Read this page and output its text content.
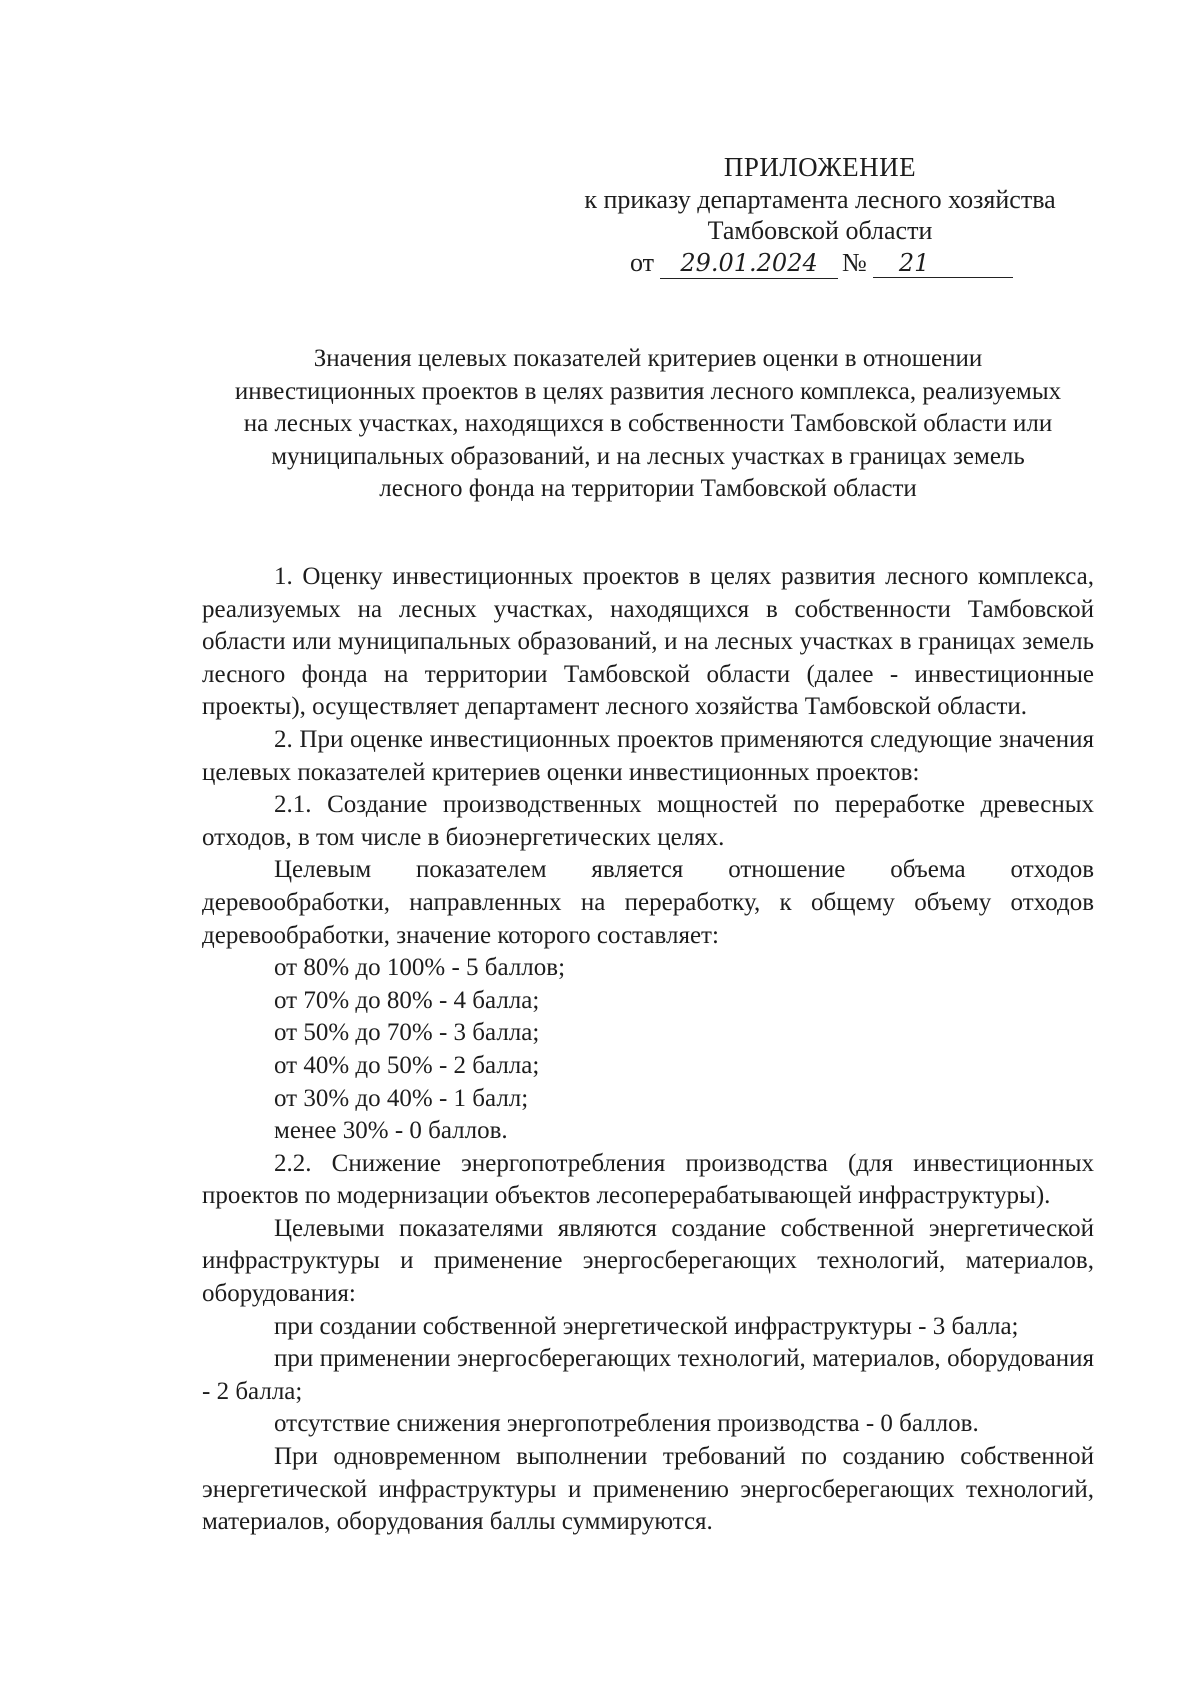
ПРИЛОЖЕНИЕ
к приказу департамента лесного хозяйства
Тамбовской области
от 29.01.2024 № 21
Значения целевых показателей критериев оценки в отношении
инвестиционных проектов в целях развития лесного комплекса, реализуемых
на лесных участках, находящихся в собственности Тамбовской области или
муниципальных образований, и на лесных участках в границах земель
лесного фонда на территории Тамбовской области

1. Оценку инвестиционных проектов в целях развития лесного комплекса, реализуемых на лесных участках, находящихся в собственности Тамбовской области или муниципальных образований, и на лесных участках в границах земель лесного фонда на территории Тамбовской области (далее - инвестиционные проекты), осуществляет департамент лесного хозяйства Тамбовской области.

2. При оценке инвестиционных проектов применяются следующие значения целевых показателей критериев оценки инвестиционных проектов:

2.1. Создание производственных мощностей по переработке древесных отходов, в том числе в биоэнергетических целях.

Целевым показателем является отношение объема отходов деревообработки, направленных на переработку, к общему объему отходов деревообработки, значение которого составляет:

от 80% до 100% - 5 баллов;

от 70% до 80% - 4 балла;

от 50% до 70% - 3 балла;

от 40% до 50% - 2 балла;

от 30% до 40% - 1 балл;

менее 30% - 0 баллов.

2.2. Снижение энергопотребления производства (для инвестиционных проектов по модернизации объектов лесоперерабатывающей инфраструктуры).

Целевыми показателями являются создание собственной энергетической инфраструктуры и применение энергосберегающих технологий, материалов, оборудования:

при создании собственной энергетической инфраструктуры - 3 балла;

при применении энергосберегающих технологий, материалов, оборудования - 2 балла;

отсутствие снижения энергопотребления производства - 0 баллов.

При одновременном выполнении требований по созданию собственной энергетической инфраструктуры и применению энергосберегающих технологий, материалов, оборудования баллы суммируются.
